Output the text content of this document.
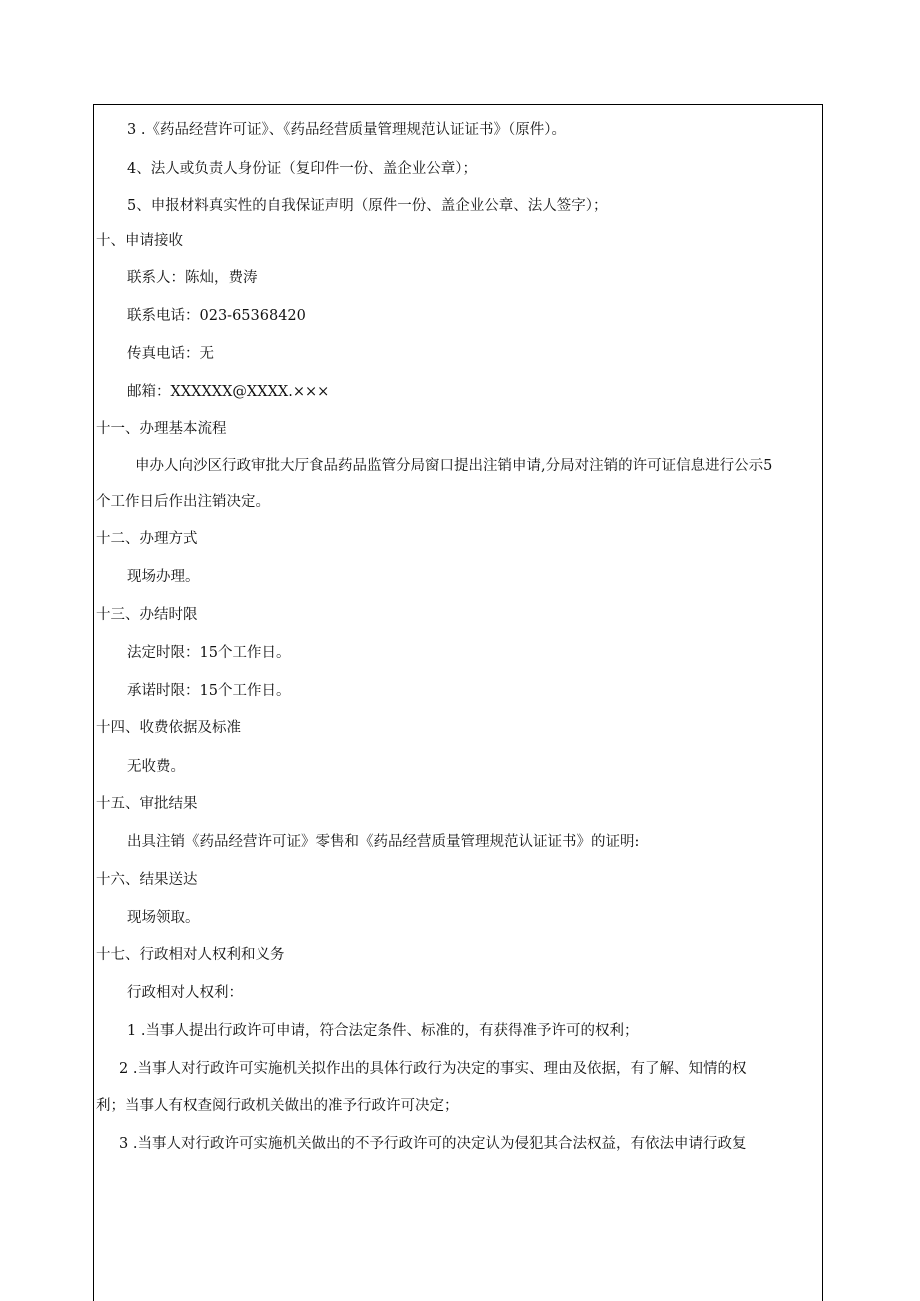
3 .《药品经营许可证》、《药品经营质量管理规范认证证书》（原件）。
4、法人或负责人身份证（复印件一份、盖企业公章）；
5、申报材料真实性的自我保证声明（原件一份、盖企业公章、法人签字）；
十、申请接收
联系人：陈灿，费涛
联系电话：023-65368420
传真电话：无
邮箱：XXXXXX@XXXX.×××
十一、办理基本流程
申办人向沙区行政审批大厅食品药品监管分局窗口提出注销申请,分局对注销的许可证信息进行公示5
个工作日后作出注销决定。
十二、办理方式
现场办理。
十三、办结时限
法定时限：15个工作日。
承诺时限：15个工作日。
十四、收费依据及标准
无收费。
十五、审批结果
出具注销《药品经营许可证》零售和《药品经营质量管理规范认证证书》的证明:
十六、结果送达
现场领取。
十七、行政相对人权利和义务
行政相对人权利：
1 .当事人提出行政许可申请，符合法定条件、标准的，有获得准予许可的权利；
2 .当事人对行政许可实施机关拟作出的具体行政行为决定的事实、理由及依据，有了解、知情的权
利；当事人有权查阅行政机关做出的准予行政许可决定；
3 .当事人对行政许可实施机关做出的不予行政许可的决定认为侵犯其合法权益，有依法申请行政复
